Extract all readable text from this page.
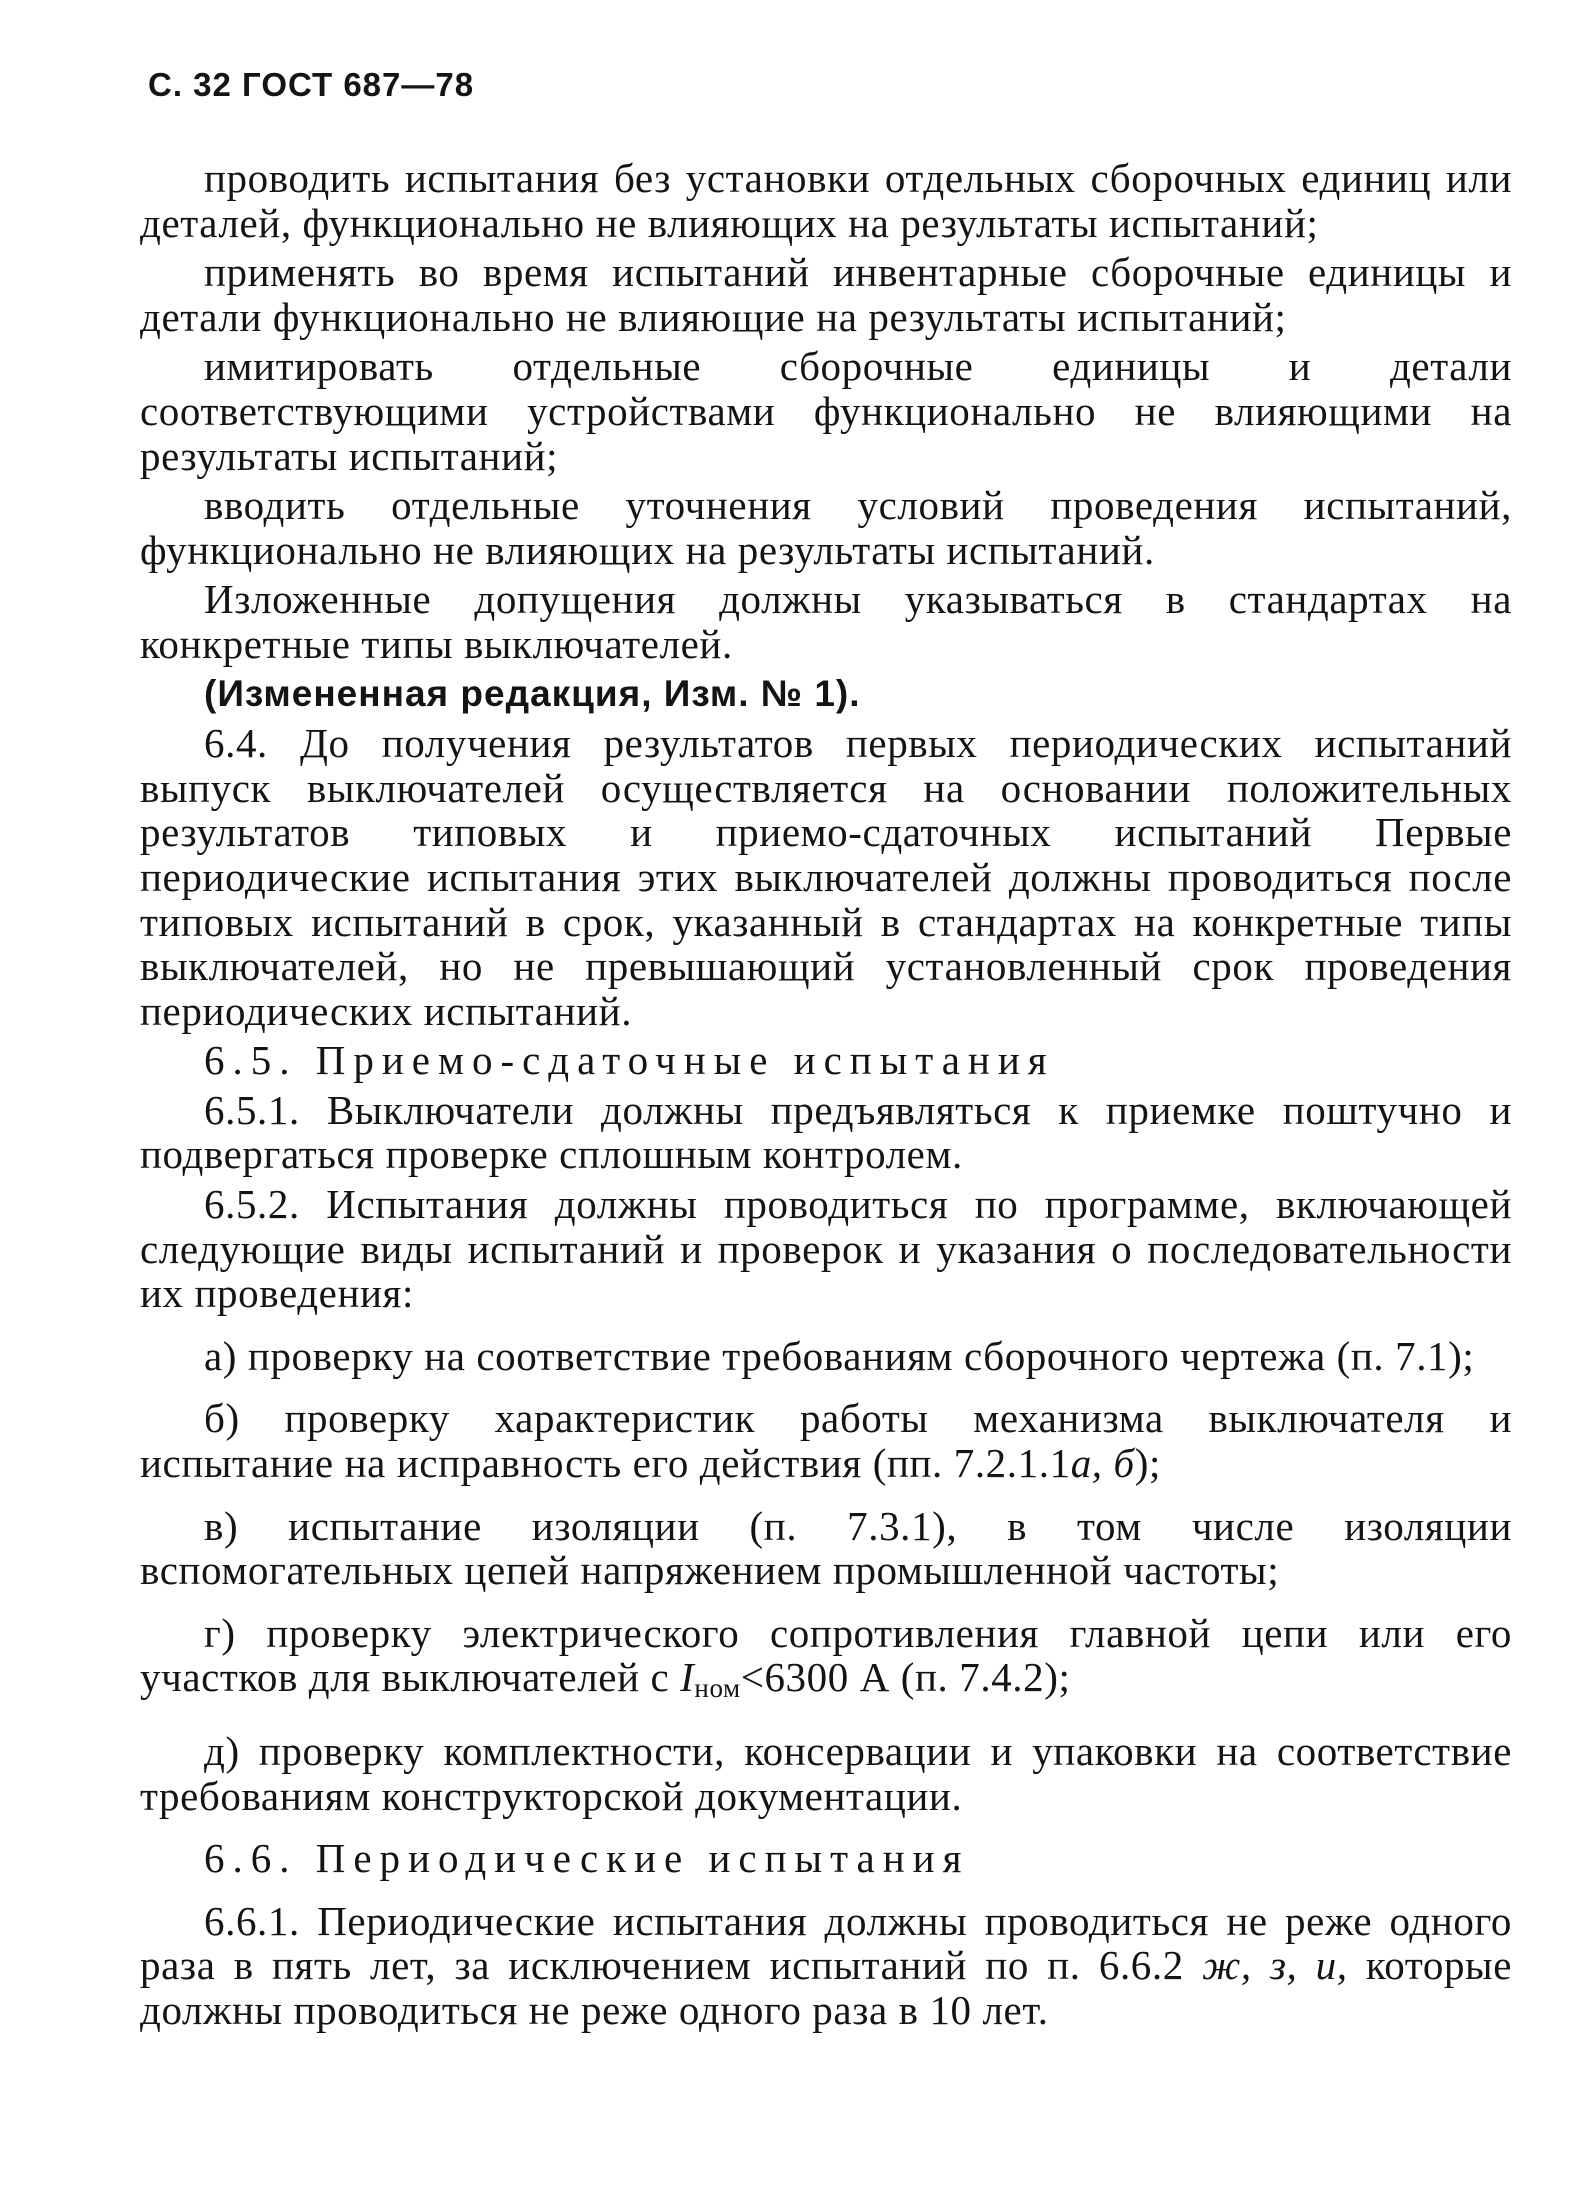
С. 32 ГОСТ 687—78

проводить испытания без установки отдельных сборочных единиц или деталей, функционально не влияющих на результаты испытаний;

применять во время испытаний инвентарные сборочные единицы и детали функционально не влияющие на результаты испытаний;

имитировать отдельные сборочные единицы и детали соответствующими устройствами функционально не влияющими на результаты испытаний;

вводить отдельные уточнения условий проведения испытаний, функционально не влияющих на результаты испытаний.

Изложенные допущения должны указываться в стандартах на конкретные типы выключателей.

(Измененная редакция, Изм. № 1).

6.4. До получения результатов первых периодических испытаний выпуск выключателей осуществляется на основании положительных результатов типовых и приемо-сдаточных испытаний Первые периодические испытания этих выключателей должны проводиться после типовых испытаний в срок, указанный в стандартах на конкретные типы выключателей, но не превышающий установленный срок проведения периодических испытаний.

6.5. Приемо-сдаточные испытания

6.5.1. Выключатели должны предъявляться к приемке поштучно и подвергаться проверке сплошным контролем.

6.5.2. Испытания должны проводиться по программе, включающей следующие виды испытаний и проверок и указания о последовательности их проведения:

а) проверку на соответствие требованиям сборочного чертежа (п. 7.1);

б) проверку характеристик работы механизма выключателя и испытание на исправность его действия (пп. 7.2.1.1а, б);

в) испытание изоляции (п. 7.3.1), в том числе изоляции вспомогательных цепей напряжением промышленной частоты;

г) проверку электрического сопротивления главной цепи или его участков для выключателей с $I_{ном}<6300$ А (п. 7.4.2);

д) проверку комплектности, консервации и упаковки на соответствие требованиям конструкторской документации.

6.6. Периодические испытания

6.6.1. Периодические испытания должны проводиться не реже одного раза в пять лет, за исключением испытаний по п. 6.6.2 ж, з, и, которые должны проводиться не реже одного раза в 10 лет.
